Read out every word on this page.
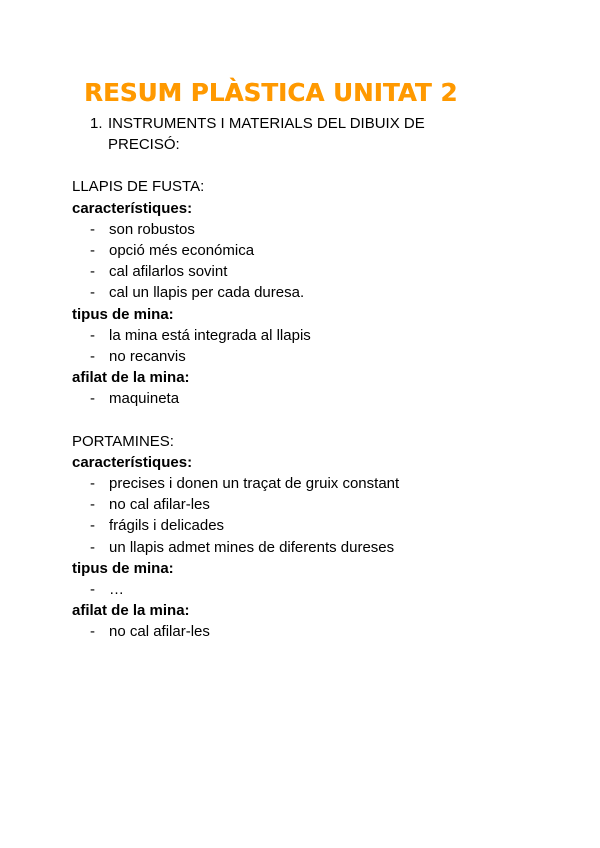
RESUM PLÀSTICA UNITAT 2
1. INSTRUMENTS I MATERIALS DEL DIBUIX DE PRECISÓ:

LLAPIS DE FUSTA:

característiques:

- son robustos
- opció més económica
- cal afilarlos sovint
- cal un llapis per cada duresa.

tipus de mina:

- la mina está integrada al llapis
- no recanvis

afilat de la mina:

- maquineta

PORTAMINES:

característiques:

- precises i donen un traçat de gruix constant
- no cal afilar-les
- frágils i delicades
- un llapis admet mines de diferents dureses

tipus de mina:

- …

afilat de la mina:

- no cal afilar-les
